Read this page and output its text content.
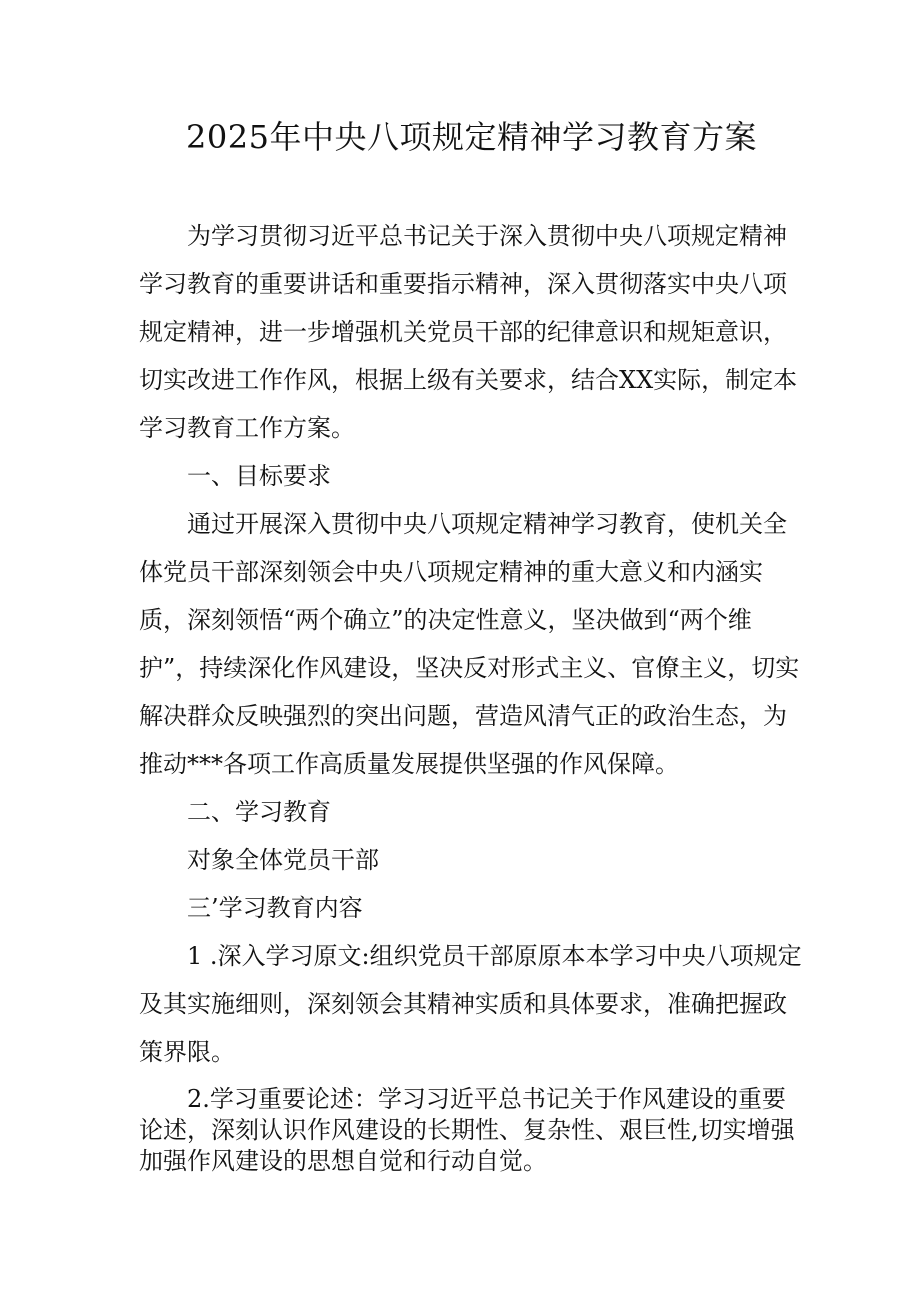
2025年中央八项规定精神学习教育方案

为学习贯彻习近平总书记关于深入贯彻中央八项规定精神学习教育的重要讲话和重要指示精神，深入贯彻落实中央八项规定精神，进一步增强机关党员干部的纪律意识和规矩意识，切实改进工作作风，根据上级有关要求，结合XX实际，制定本学习教育工作方案。

一、目标要求

通过开展深入贯彻中央八项规定精神学习教育，使机关全体党员干部深刻领会中央八项规定精神的重大意义和内涵实质，深刻领悟“两个确立”的决定性意义，坚决做到“两个维护”，持续深化作风建设，坚决反对形式主义、官僚主义，切实解决群众反映强烈的突出问题，营造风清气正的政治生态，为推动***各项工作高质量发展提供坚强的作风保障。

二、学习教育

对象全体党员干部

三’学习教育内容

1 .深入学习原文:组织党员干部原原本本学习中央八项规定及其实施细则，深刻领会其精神实质和具体要求，准确把握政策界限。

2.学习重要论述：学习习近平总书记关于作风建设的重要论述，深刻认识作风建设的长期性、复杂性、艰巨性,切实增强加强作风建设的思想自觉和行动自觉。
